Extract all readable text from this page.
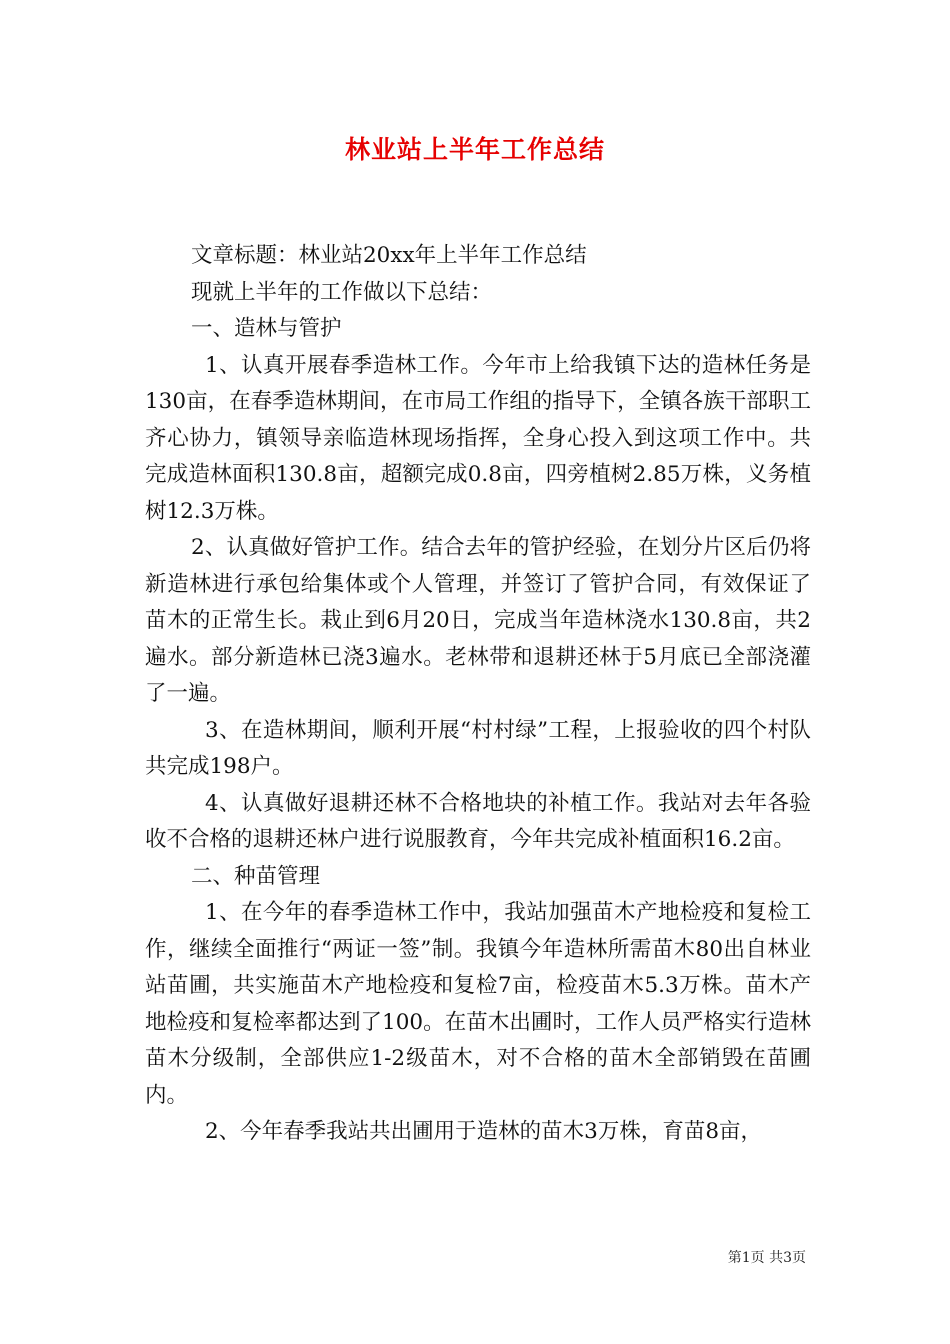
林业站上半年工作总结

文章标题：林业站20xx年上半年工作总结

现就上半年的工作做以下总结：

一、造林与管护

1、认真开展春季造林工作。今年市上给我镇下达的造林任务是130亩，在春季造林期间，在市局工作组的指导下，全镇各族干部职工齐心协力，镇领导亲临造林现场指挥，全身心投入到这项工作中。共完成造林面积130.8亩，超额完成0.8亩，四旁植树2.85万株，义务植树12.3万株。

2、认真做好管护工作。结合去年的管护经验，在划分片区后仍将新造林进行承包给集体或个人管理，并签订了管护合同，有效保证了苗木的正常生长。栽止到6月20日，完成当年造林浇水130.8亩，共2遍水。部分新造林已浇3遍水。老林带和退耕还林于5月底已全部浇灌了一遍。

3、在造林期间，顺利开展“村村绿”工程，上报验收的四个村队共完成198户。

4、认真做好退耕还林不合格地块的补植工作。我站对去年各验收不合格的退耕还林户进行说服教育，今年共完成补植面积16.2亩。

二、种苗管理

1、在今年的春季造林工作中，我站加强苗木产地检疫和复检工作，继续全面推行“两证一签”制。我镇今年造林所需苗木80出自林业站苗圃，共实施苗木产地检疫和复检7亩，检疫苗木5.3万株。苗木产地检疫和复检率都达到了100。在苗木出圃时，工作人员严格实行造林苗木分级制，全部供应1-2级苗木，对不合格的苗木全部销毁在苗圃内。

2、今年春季我站共出圃用于造林的苗木3万株，育苗8亩，

第1页 共3页
